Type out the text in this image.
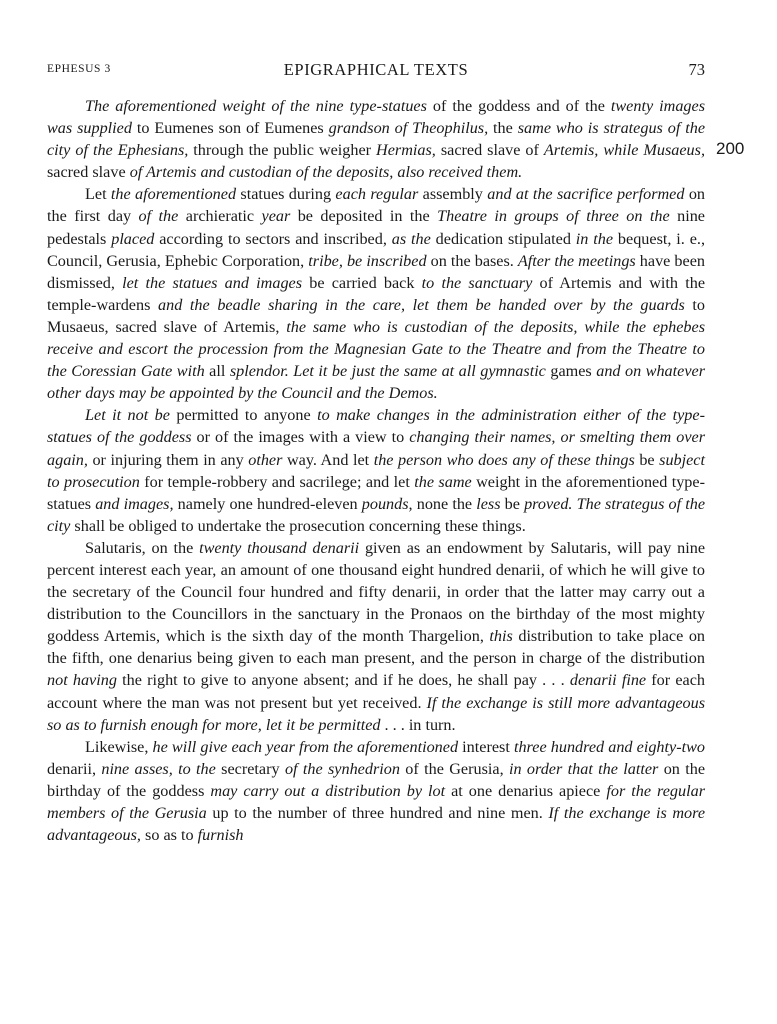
EPHESUS 3	EPIGRAPHICAL TEXTS	73
200

The aforementioned weight of the nine type-statues of the goddess and of the twenty images was supplied to Eumenes son of Eumenes grandson of Theophilus, the same who is strategus of the city of the Ephesians, through the public weigher Hermias, sacred slave of Artemis, while Musaeus, sacred slave of Artemis and custodian of the deposits, also received them.

Let the aforementioned statues during each regular assembly and at the sacrifice performed on the first day of the archieratic year be deposited in the Theatre in groups of three on the nine pedestals placed according to sectors and inscribed, as the dedication stipulated in the bequest, i. e., Council, Gerusia, Ephebic Corporation, tribe, be inscribed on the bases. After the meetings have been dismissed, let the statues and images be carried back to the sanctuary of Artemis and with the temple-wardens and the beadle sharing in the care, let them be handed over by the guards to Musaeus, sacred slave of Artemis, the same who is custodian of the deposits, while the ephebes receive and escort the procession from the Magnesian Gate to the Theatre and from the Theatre to the Coressian Gate with all splendor. Let it be just the same at all gymnastic games and on whatever other days may be appointed by the Council and the Demos.

Let it not be permitted to anyone to make changes in the administration either of the type-statues of the goddess or of the images with a view to changing their names, or smelting them over again, or injuring them in any other way. And let the person who does any of these things be subject to prosecution for temple-robbery and sacrilege; and let the same weight in the aforementioned type-statues and images, namely one hundred-eleven pounds, none the less be proved. The strategus of the city shall be obliged to undertake the prosecution concerning these things.

Salutaris, on the twenty thousand denarii given as an endowment by Salutaris, will pay nine percent interest each year, an amount of one thousand eight hundred denarii, of which he will give to the secretary of the Council four hundred and fifty denarii, in order that the latter may carry out a distribution to the Councillors in the sanctuary in the Pronaos on the birthday of the most mighty goddess Artemis, which is the sixth day of the month Thargelion, this distribution to take place on the fifth, one denarius being given to each man present, and the person in charge of the distribution not having the right to give to anyone absent; and if he does, he shall pay . . . denarii fine for each account where the man was not present but yet received. If the exchange is still more advantageous so as to furnish enough for more, let it be permitted . . . in turn.

Likewise, he will give each year from the aforementioned interest three hundred and eighty-two denarii, nine asses, to the secretary of the synhedrion of the Gerusia, in order that the latter on the birthday of the goddess may carry out a distribution by lot at one denarius apiece for the regular members of the Gerusia up to the number of three hundred and nine men. If the exchange is more advantageous, so as to furnish
